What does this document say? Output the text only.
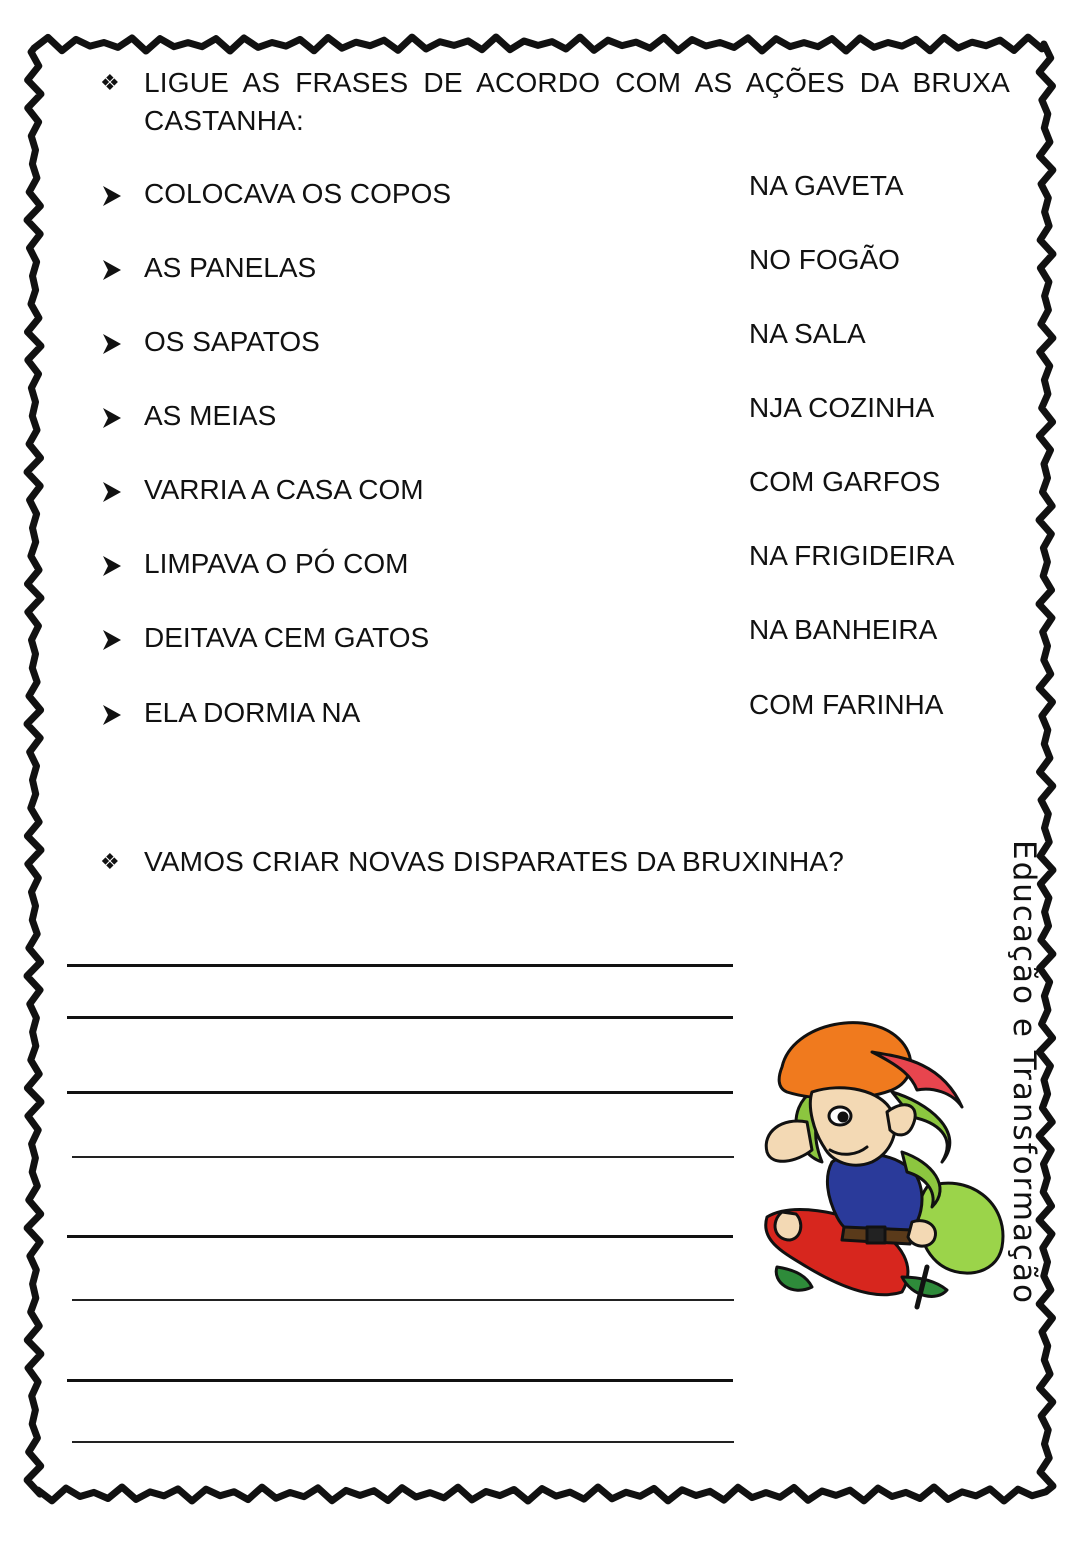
❖ LIGUE AS FRASES DE ACORDO COM AS AÇÕES DA BRUXA CASTANHA:
COLOCAVA OS COPOS	NA GAVETA
AS PANELAS	NO FOGÃO
OS SAPATOS	NA SALA
AS MEIAS	NJA COZINHA
VARRIA A CASA COM	COM GARFOS
LIMPAVA O PÓ COM	NA FRIGIDEIRA
DEITAVA CEM GATOS	NA BANHEIRA
ELA DORMIA NA	COM FARINHA
❖ VAMOS CRIAR NOVAS DISPARATES DA BRUXINHA?	Educação e Transformação
